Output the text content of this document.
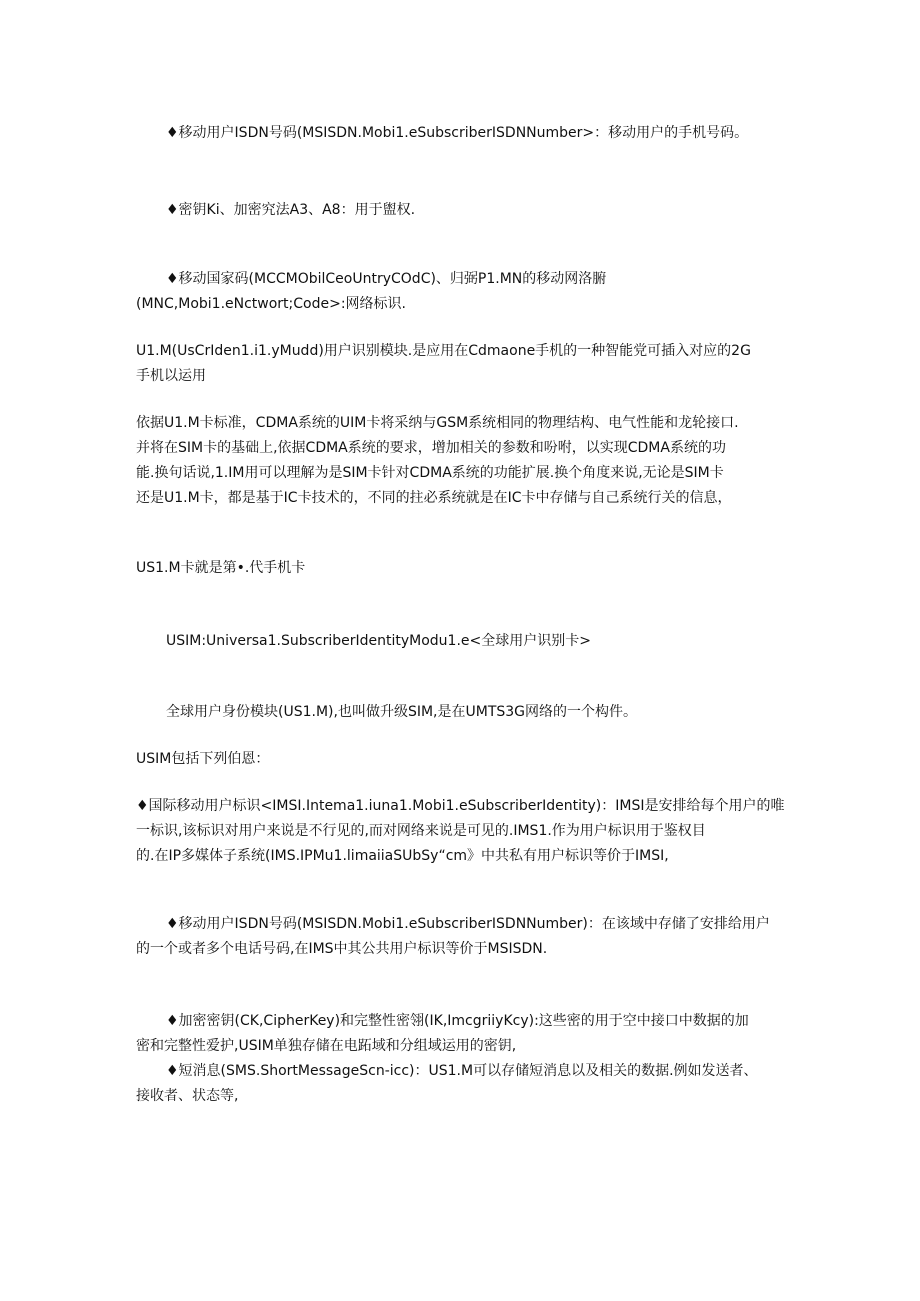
♦移动用户ISDN号码(MSISDN.Mobi1.eSubscriberISDNNumber>：移动用户的手机号码。
♦密钥Ki、加密究法A3、A8：用于盥权.
♦移动国家码(MCCMObilCeoUntryCOdC)、归弼P1.MN的移动网洛腑
(MNC,Mobi1.eNctwort;Code>:网络标识.
U1.M(UsCrIden1.i1.yMudd)用户识别模块.是应用在Cdmaone手机的一种智能党可插入对应的2G
手机以运用
依据U1.M卡标准，CDMA系统的UIM卡将采纳与GSM系统相同的物理结构、电气性能和龙轮接口.
并将在SIM卡的基础上,依据CDMA系统的要求，增加相关的参数和吩咐，以实现CDMA系统的功
能.换句话说,1.IM用可以理解为是SIM卡针对CDMA系统的功能扩展.换个角度来说,无论是SIM卡
还是U1.M卡，都是基于IC卡技术的，不同的拄必系统就是在IC卡中存储与自己系统行关的信息，
US1.M卡就是第•.代手机卡
USIM:Universa1.SubscriberIdentityModu1.e<全球用户识别卡>
全球用户身份模块(US1.M),也叫做升级SIM,是在UMTS3G网络的一个构件。
USIM包括下列伯恩：
♦国际移动用户标识<IMSI.Intema1.iuna1.Mobi1.eSubscriberIdentity)：IMSI是安排给每个用户的唯
一标识,该标识对用户来说是不行见的,而对网络来说是可见的.IMS1.作为用户标识用于鉴权目
的.在IP多媒体子系统(IMS.IPMu1.limaiiaSUbSy“cm》中共私有用户标识等价于IMSI,
♦移动用户ISDN号码(MSISDN.Mobi1.eSubscriberISDNNumber)：在该域中存储了安排给用户
的一个或者多个电话号码,在IMS中其公共用户标识等价于MSISDN.
♦加密密钥(CK,CipherKey)和完整性密翎(IK,ImcgriiyKcy):这些密的用于空中接口中数据的加
密和完整性爱护,USIM单独存储在电跖域和分组域运用的密钥,
♦短消息(SMS.ShortMessageScn-icc)：US1.M可以存储短消息以及相关的数据.例如发送者、
接收者、状态等,
